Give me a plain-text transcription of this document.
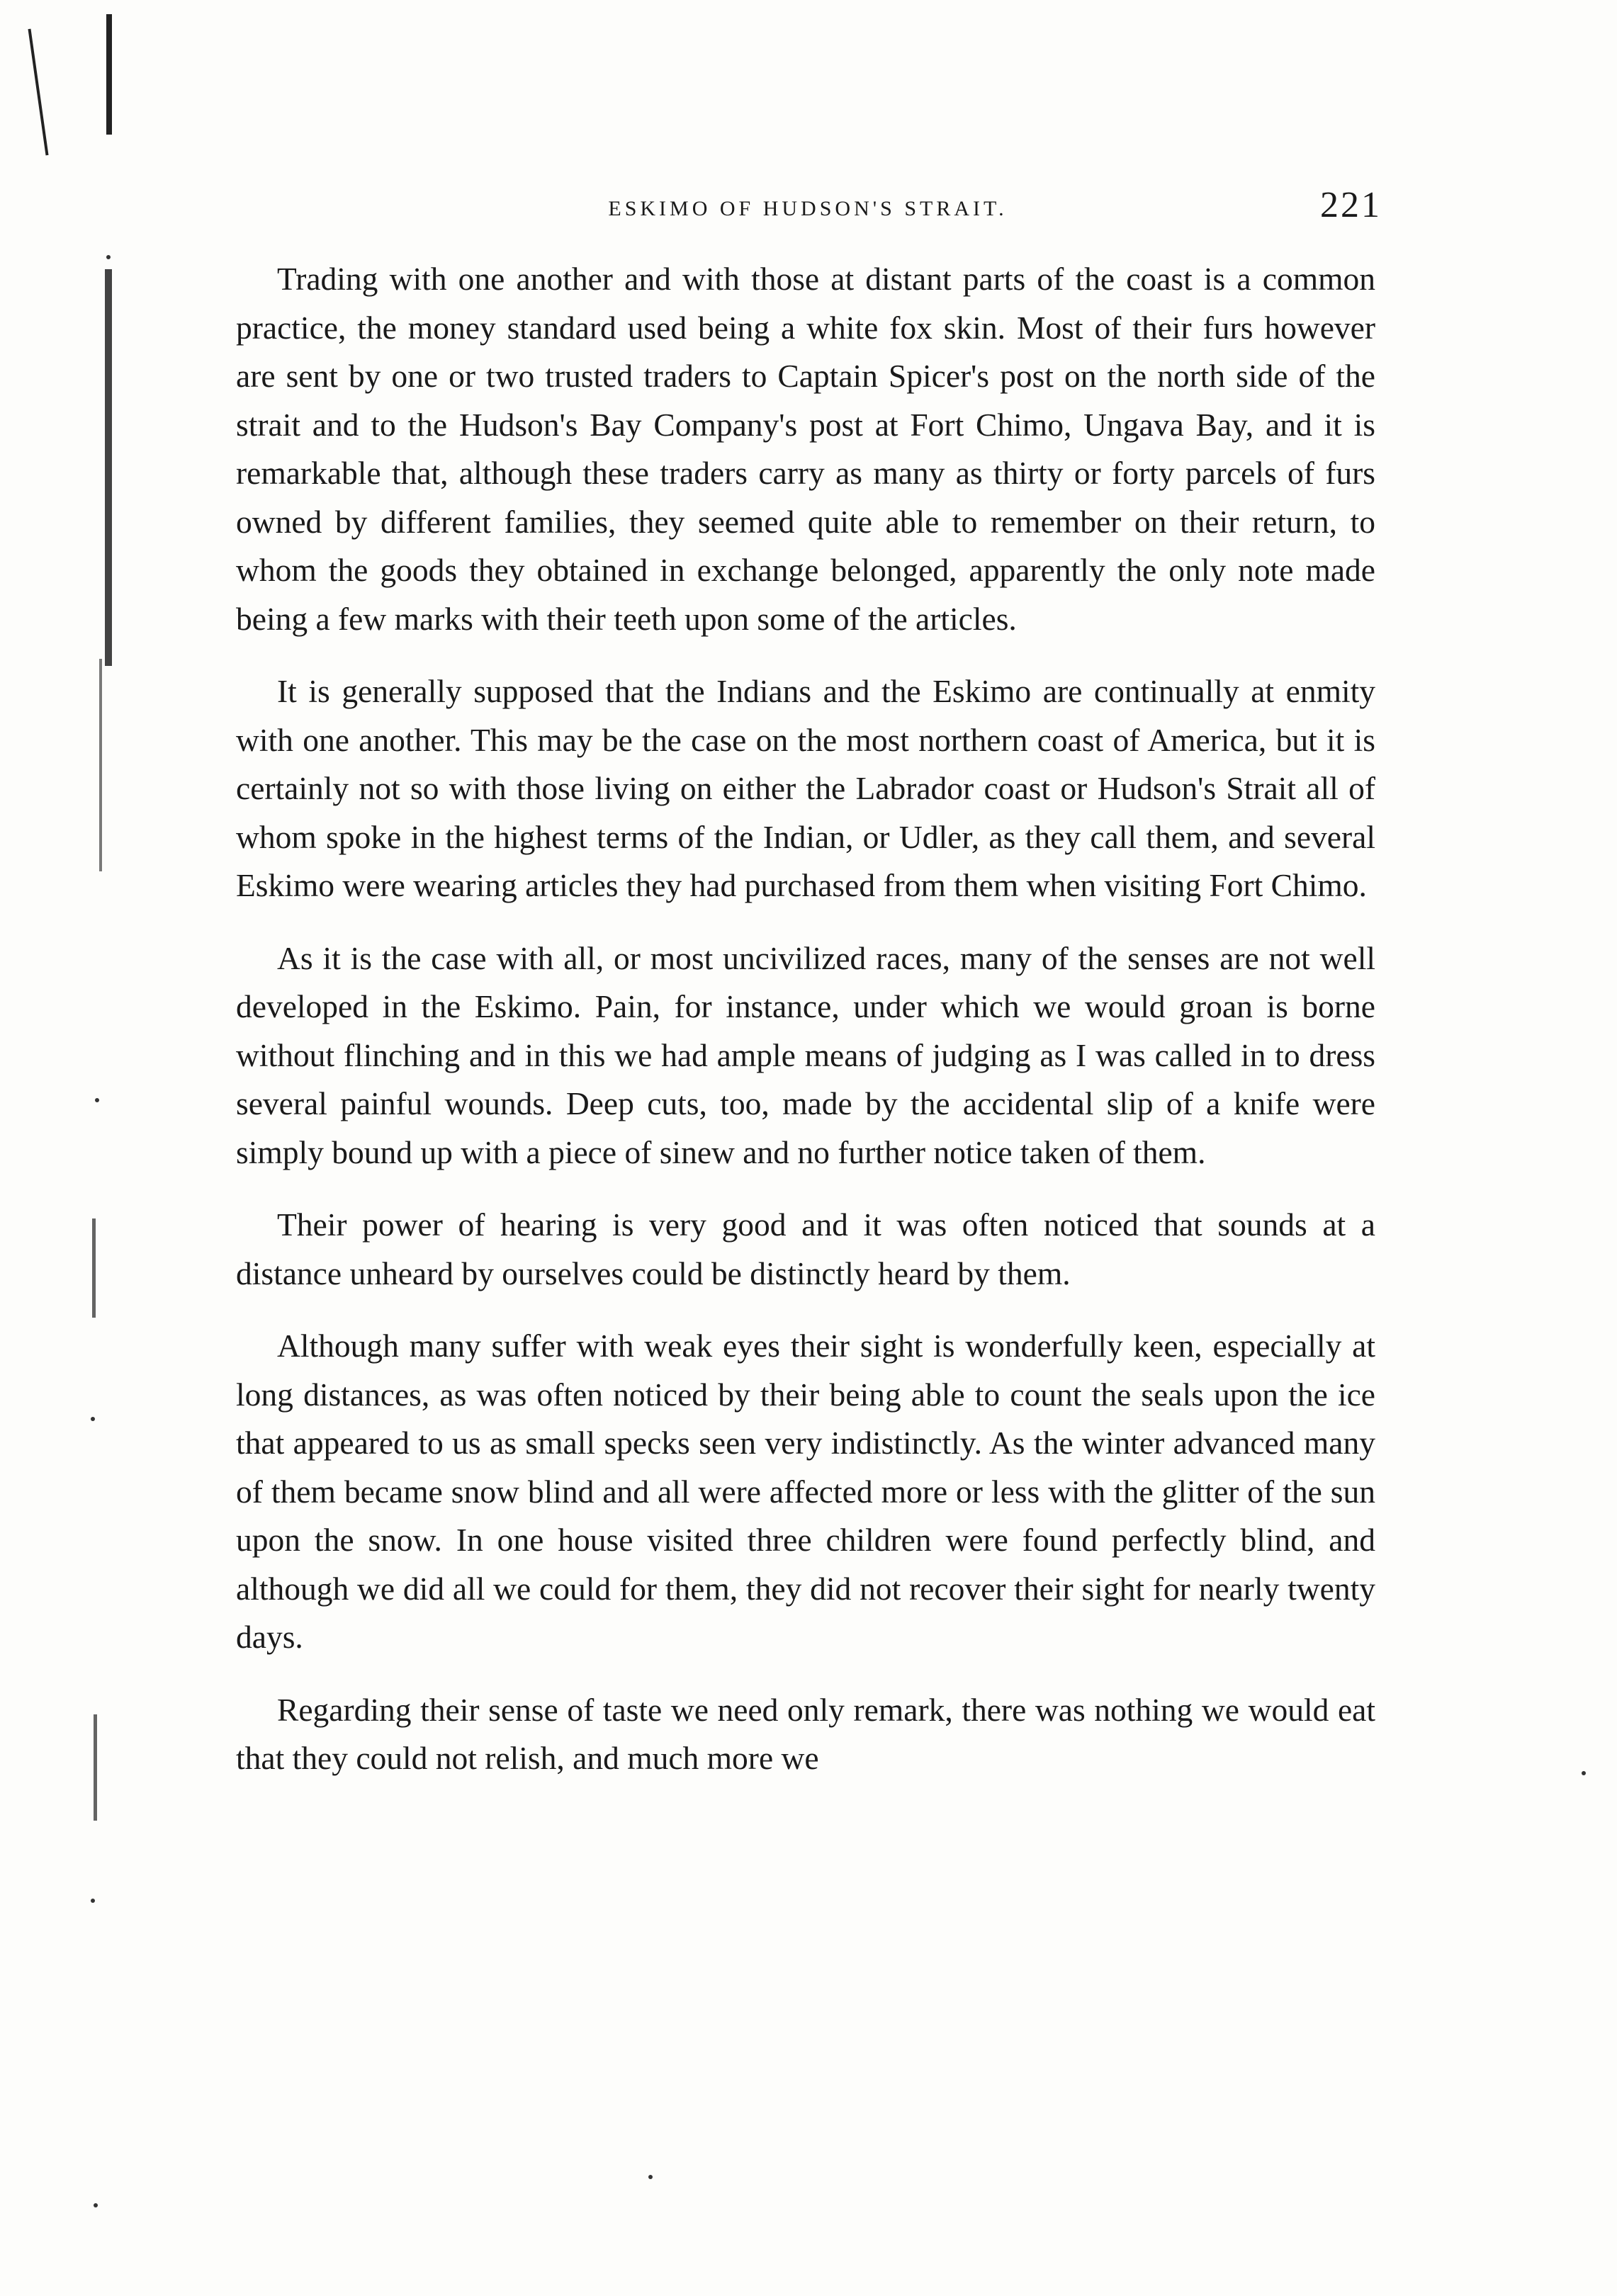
ESKIMO OF HUDSON'S STRAIT.	221

Trading with one another and with those at distant parts of the coast is a common practice, the money standard used being a white fox skin. Most of their furs however are sent by one or two trusted traders to Captain Spicer's post on the north side of the strait and to the Hudson's Bay Company's post at Fort Chimo, Ungava Bay, and it is remarkable that, although these traders carry as many as thirty or forty parcels of furs owned by different families, they seemed quite able to remember on their return, to whom the goods they obtained in exchange belonged, apparently the only note made being a few marks with their teeth upon some of the articles.

It is generally supposed that the Indians and the Eskimo are continually at enmity with one another. This may be the case on the most northern coast of America, but it is certainly not so with those living on either the Labrador coast or Hudson's Strait all of whom spoke in the highest terms of the Indian, or Udler, as they call them, and several Eskimo were wearing articles they had purchased from them when visiting Fort Chimo.

As it is the case with all, or most uncivilized races, many of the senses are not well developed in the Eskimo. Pain, for instance, under which we would groan is borne without flinching and in this we had ample means of judging as I was called in to dress several painful wounds. Deep cuts, too, made by the accidental slip of a knife were simply bound up with a piece of sinew and no further notice taken of them.

Their power of hearing is very good and it was often noticed that sounds at a distance unheard by ourselves could be distinctly heard by them.

Although many suffer with weak eyes their sight is wonderfully keen, especially at long distances, as was often noticed by their being able to count the seals upon the ice that appeared to us as small specks seen very indistinctly. As the winter advanced many of them became snow blind and all were affected more or less with the glitter of the sun upon the snow. In one house visited three children were found perfectly blind, and although we did all we could for them, they did not recover their sight for nearly twenty days.

Regarding their sense of taste we need only remark, there was nothing we would eat that they could not relish, and much more we
